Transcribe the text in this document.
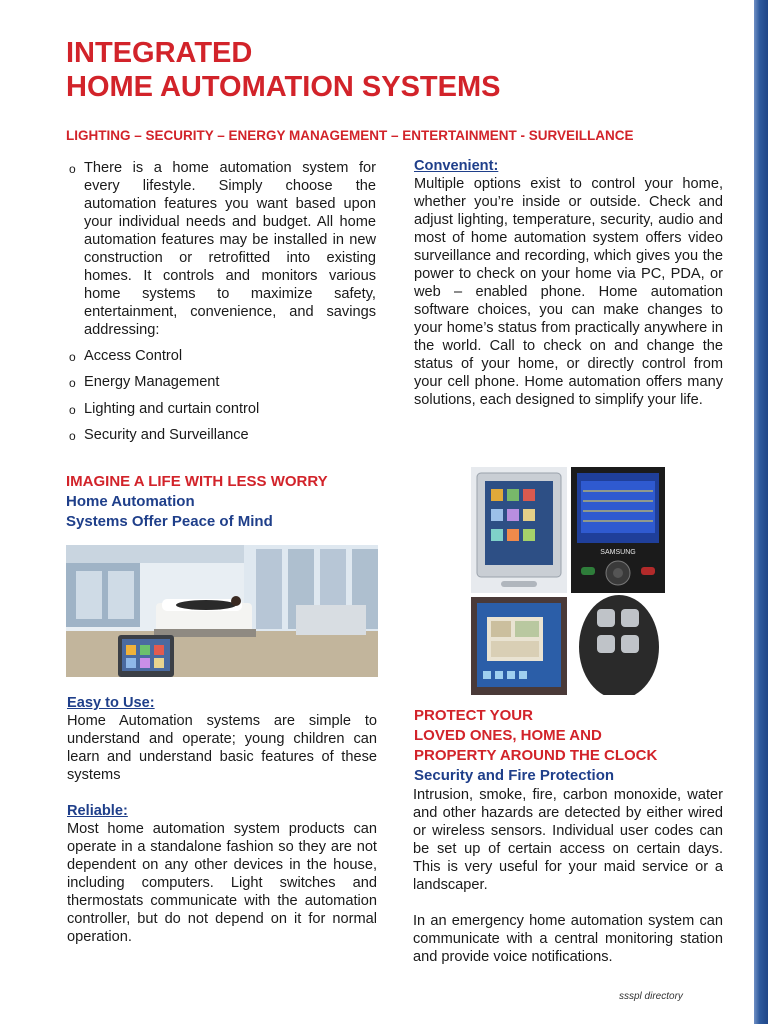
INTEGRATED
HOME AUTOMATION SYSTEMS
LIGHTING – SECURITY – ENERGY MANAGEMENT – ENTERTAINMENT - SURVEILLANCE
o There is a home automation system for every lifestyle. Simply choose the automation features you want based upon your individual needs and budget. All home automation features may be installed in new construction or retrofitted into existing homes. It controls and monitors various home systems to maximize safety, entertainment, convenience, and savings addressing:
o Access Control
o Energy Management
o Lighting and curtain control
o Security and Surveillance
Convenient:
Multiple options exist to control your home, whether you’re inside or outside. Check and adjust lighting, temperature, security, audio and most of home automation system offers video surveillance and recording, which gives you the power to check on your home via PC, PDA, or web – enabled phone. Home automation software choices, you can make changes to your home’s status from practically anywhere in the world. Call to check on and change the status of your home, or directly control from your cell phone. Home automation offers many solutions, each designed to simplify your life.
IMAGINE A LIFE WITH LESS WORRY
Home Automation
Systems Offer Peace of Mind
SAMSUNG
Easy to Use:

Home Automation systems are simple to understand and operate; young children can learn and understand basic features of these systems

Reliable:

Most home automation system products can operate in a standalone fashion so they are not dependent on any other devices in the house, including computers. Light switches and thermostats communicate with the automation controller, but do not depend on it for normal operation.

PROTECT YOUR
LOVED ONES, HOME AND
PROPERTY AROUND THE CLOCK
Security and Fire Protection

Intrusion, smoke, fire, carbon monoxide, water and other hazards are detected by either wired or wireless sensors. Individual user codes can be set up of certain access on certain days. This is very useful for your maid service or a landscaper.

In an emergency home automation system can communicate with a central monitoring station and provide voice notifications.

ssspl directory
